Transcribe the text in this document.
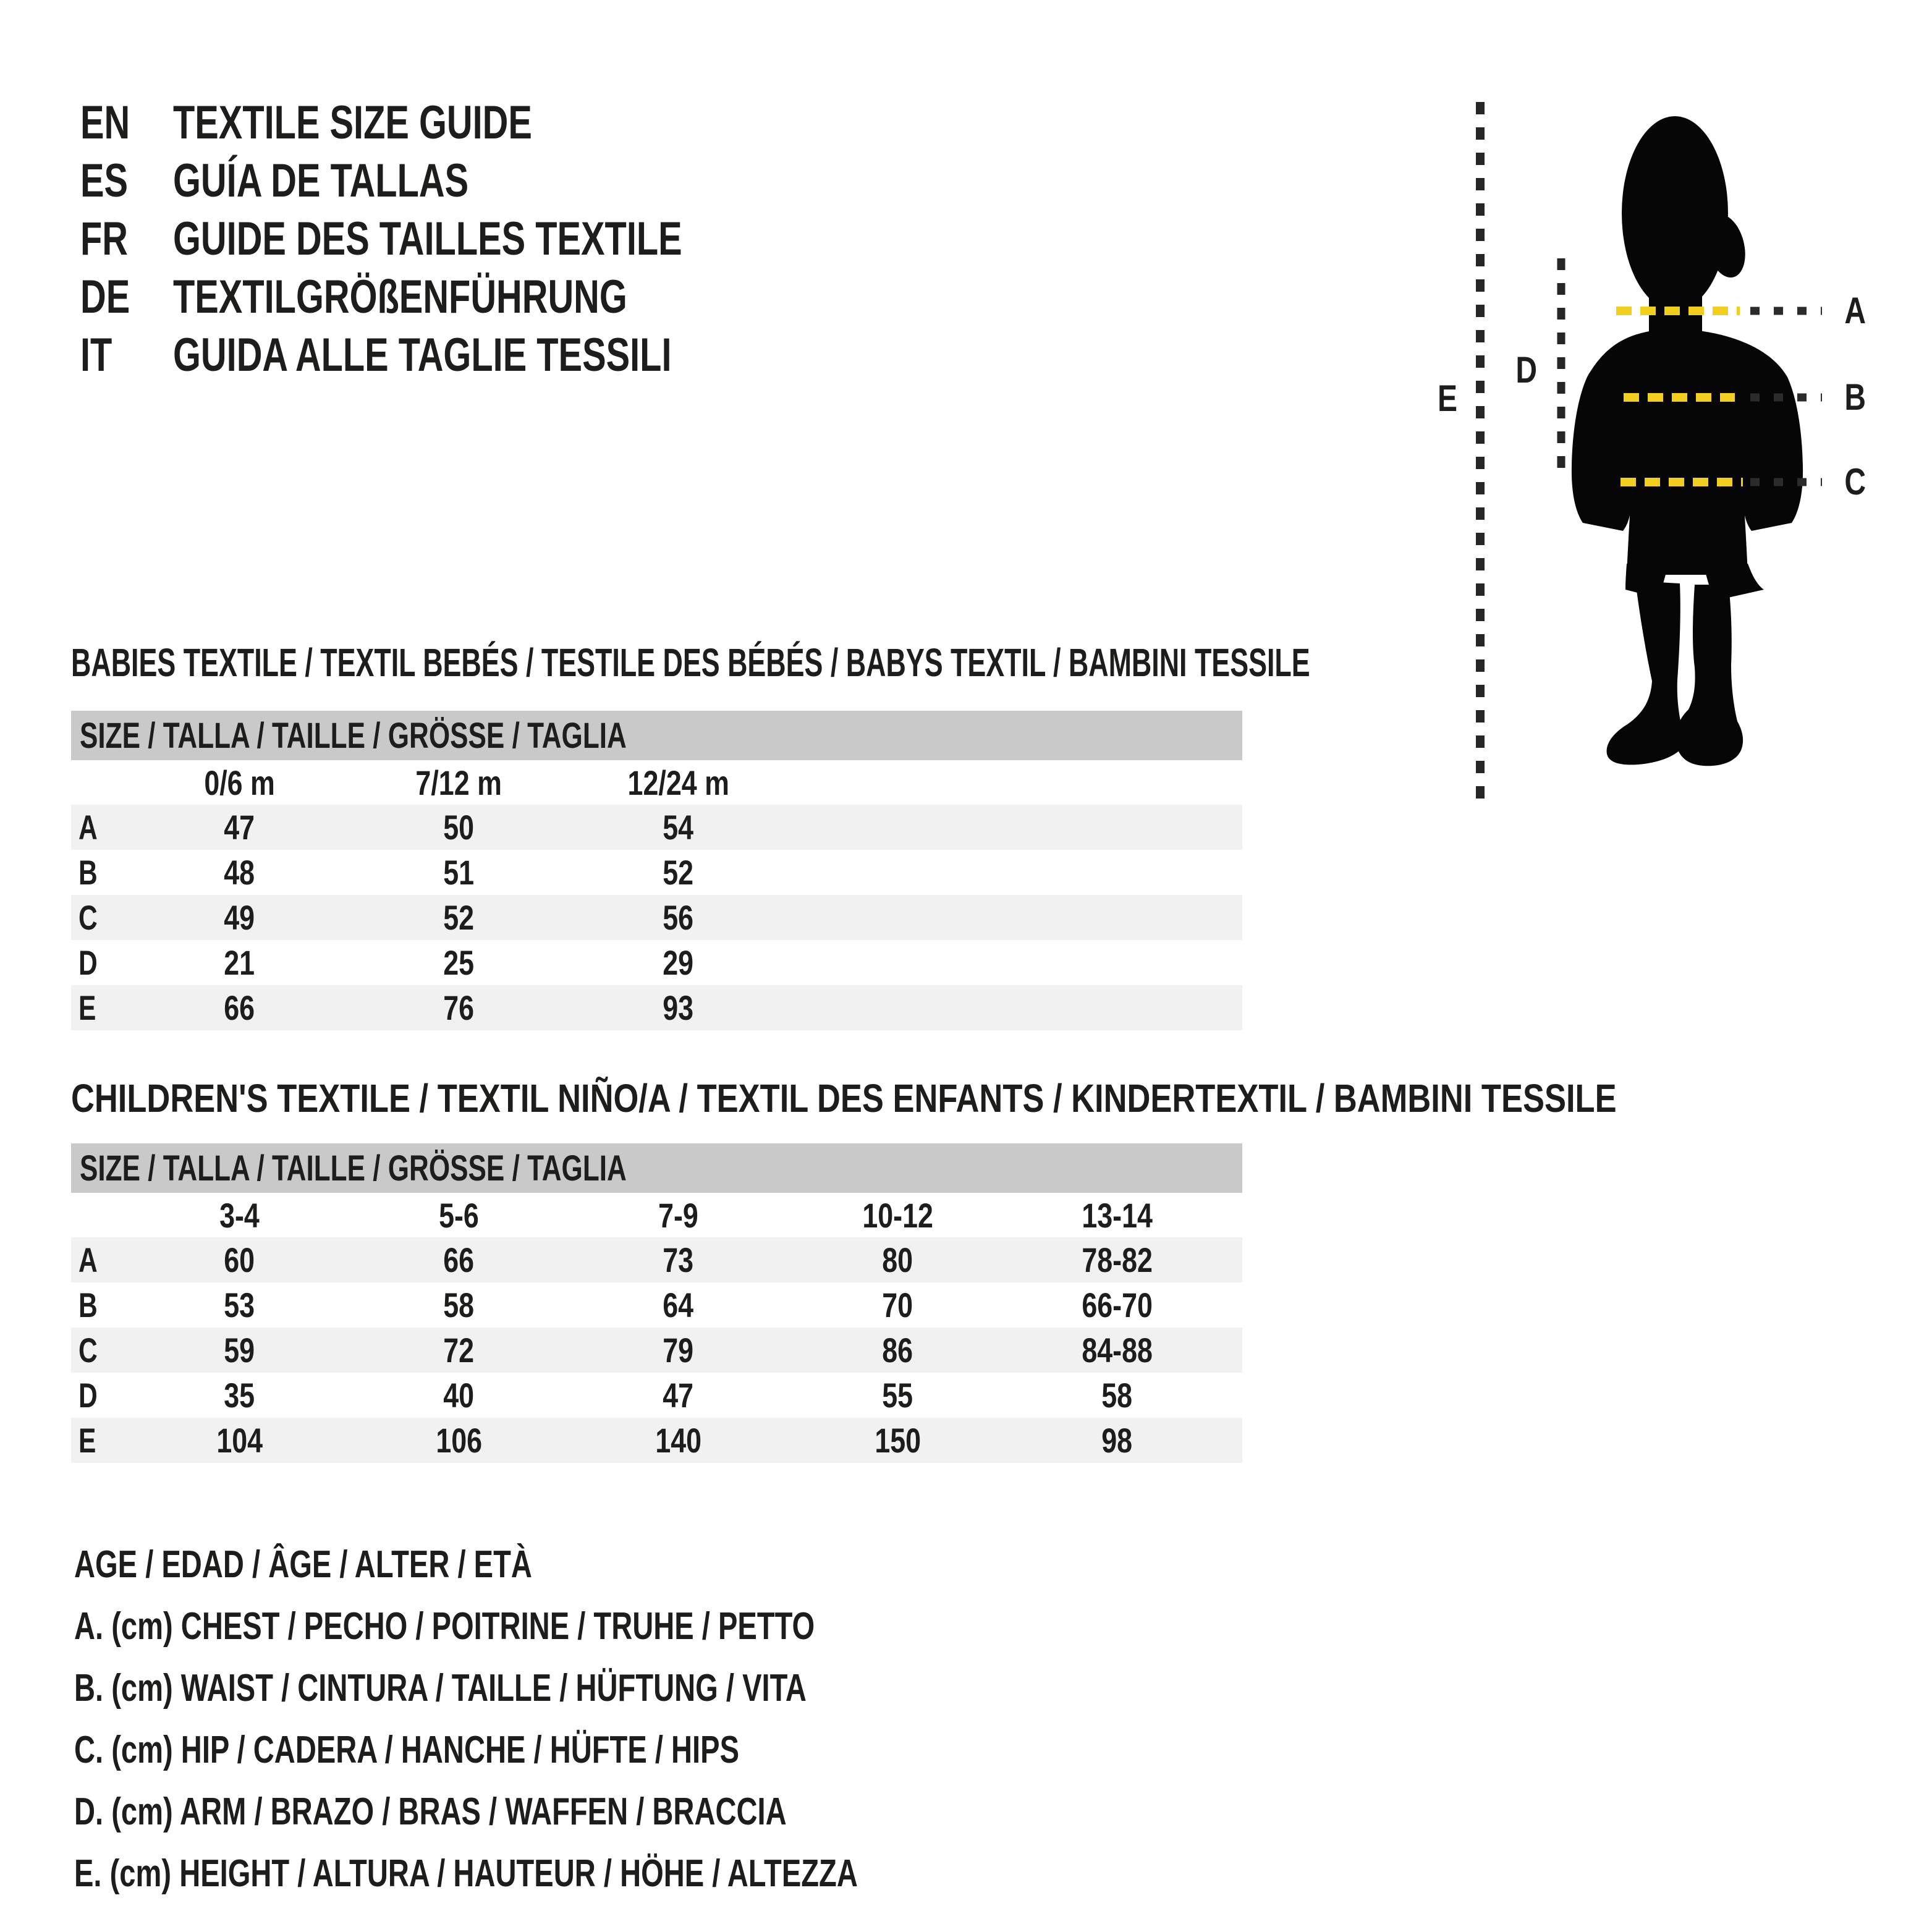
EN TEXTILE SIZE GUIDE
ES GUÍA DE TALLAS
FR GUIDE DES TAILLES TEXTILE
DE TEXTILGRÖßENFÜHRUNG
IT GUIDA ALLE TAGLIE TESSILI
A
B
C
D
E
BABIES TEXTILE / TEXTIL BEBÉS / TESTILE DES BÉBÉS / BABYS TEXTIL / BAMBINI TESSILE
SIZE / TALLA / TAILLE / GRÖSSE / TAGLIA
0/6 m	7/12 m	12/24 m
A	47	50	54
B	48	51	52
C	49	52	56
D	21	25	29
E	66	76	93
CHILDREN'S TEXTILE / TEXTIL NIÑO/A / TEXTIL DES ENFANTS / KINDERTEXTIL / BAMBINI TESSILE
SIZE / TALLA / TAILLE / GRÖSSE / TAGLIA
3-4	5-6	7-9	10-12	13-14
A	60	66	73	80	78-82
B	53	58	64	70	66-70
C	59	72	79	86	84-88
D	35	40	47	55	58
E	104	106	140	150	98
AGE / EDAD / ÂGE / ALTER / ETÀ
A. (cm) CHEST / PECHO / POITRINE / TRUHE / PETTO
B. (cm) WAIST / CINTURA / TAILLE / HÜFTUNG / VITA
C. (cm) HIP / CADERA / HANCHE / HÜFTE / HIPS
D. (cm) ARM / BRAZO / BRAS / WAFFEN / BRACCIA
E. (cm) HEIGHT / ALTURA / HAUTEUR / HÖHE / ALTEZZA
